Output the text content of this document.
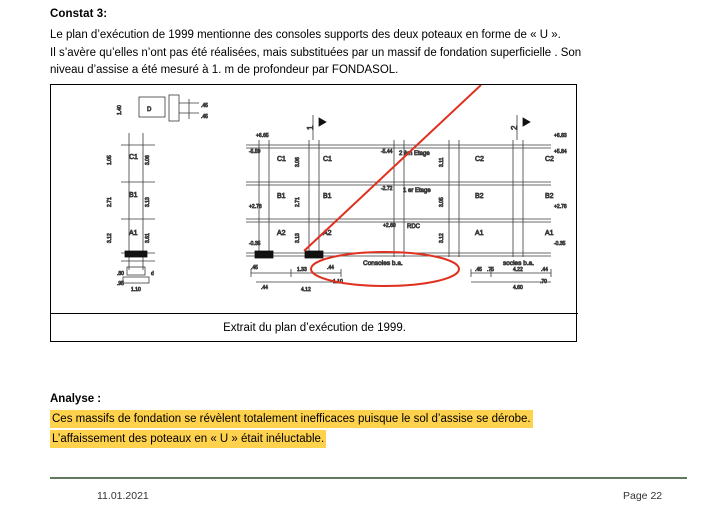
Constat 3:
Le plan d’exécution de 1999 mentionne des consoles supports des deux poteaux en forme de « U ».
Il s’avère qu’elles n’ont pas été réalisées, mais substituées par un massif de fondation superficielle . Son
niveau d’assise a été mesuré à 1. m de profondeur par FONDASOL.
D
1.40	.45
.45
C1
B1
A1
1.05
2.71
3.12
3.06
3.13
3.61
.80
.95
d
1.10
1	2
C1	C1	C2	C2
B1	B1	B2	B2
A2	A2	A1	A1
+6.65
-5.59
+2.78
-0.35
-5.44 2 èm Etage
-2.72 1 er Etage
+2.60 RDC
+6.83
+5.84
+2.78
-0.35
3.06
2.71
3.13
3.11
3.05
3.12
.45	1.33	.44
.44	4.12
1.10
.45 .75	4.22	.44
.70
4.60
Consoles b.a.	socles b.a.
Extrait du plan d’exécution de 1999.
Analyse :
Ces massifs de fondation se révèlent totalement inefficaces puisque le sol d’assise se dérobe.
L’affaissement des poteaux en « U » était inéluctable.
11.01.2021	Page 22
